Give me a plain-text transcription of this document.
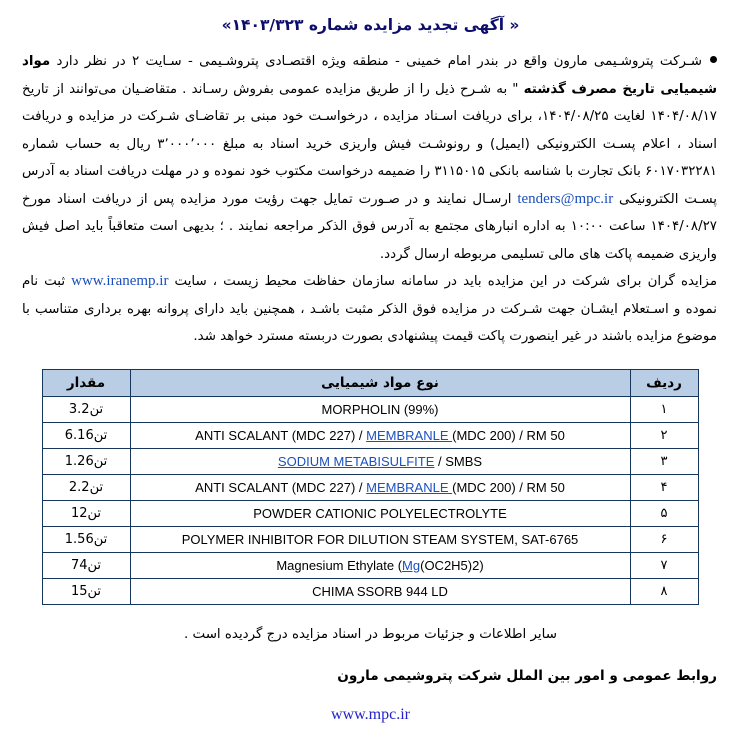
« آگهی تجدید مزایده شماره ۱۴۰۳/۳۲۳»

شـركت پتروشـیمی مارون واقع در بندر امام خمینی - منطقه ویژه اقتصـادی پتروشـیمی - سـایت ۲ در نظر دارد مواد شیمیایی تاریخ مصرف گذشته " به شـرح ذیل را از طریق مزایده عمومی بفروش رسـاند . متقاضـیان می‌توانند از تاریخ ۱۴۰۴/۰۸/۱۷ لغایت ۱۴۰۴/۰۸/۲۵، برای دریافت اسـناد مزایده ، درخواسـت خود مبنی بر تقاضـای شـركت در مزایده و دریافت اسناد ، اعلام پسـت الكترونیكی (ایمیل) و رونوشـت فیش واریزی خرید اسناد به مبلغ ۳٬۰۰۰٬۰۰۰ ریال به حساب شماره ۶۰۱۷۰۳۲۲۸۱ بانک تجارت با شناسه بانکی ۳۱۱۵۰۱۵ را ضمیمه درخواست مكتوب خود نموده و در مهلت دریافت اسناد به آدرس پسـت الكترونیكی tenders@mpc.ir ارسـال نمایند و در صـورت تمایل جهت رؤیت مورد مزایده پس از دریافت اسناد مورخ ۱۴۰۴/۰۸/۲۷ ساعت ۱۰:۰۰ به اداره انبارهای مجتمع به آدرس فوق الذكر مراجعه نمایند . ؛ بدیهی است متعاقباً باید اصل فیش واریزی ضمیمه پاكت های مالی تسلیمی مربوطه ارسال گردد.

مزایده گران برای شركت در این مزایده باید در سامانه سازمان حفاظت محیط زیست ، سایت www.iranemp.ir ثبت نام نموده و اسـتعلام ایشـان جهت شـركت در مزایده فوق الذكر مثبت باشـد ، همچنین باید دارای پروانه بهره برداری متناسب با موضوع مزایده باشند در غیر اینصورت پاكت قیمت پیشنهادی بصورت دربسته مسترد خواهد شد.

ردیف	نوع مواد شیمیایی	مقدار
۱	MORPHOLIN (99%)	تن3.2
۲	ANTI SCALANT (MDC 227) / MEMBRANLE (MDC 200) / RM 50	تن6.16
۳	SODIUM METABISULFITE / SMBS	تن1.26
۴	ANTI SCALANT (MDC 227) / MEMBRANLE (MDC 200) / RM 50	تن2.2
۵	POWDER CATIONIC POLYELECTROLYTE	تن12
۶	POLYMER INHIBITOR FOR DILUTION STEAM SYSTEM, SAT-6765	تن1.56
۷	Magnesium Ethylate (Mg(OC2H5)2)	تن74
۸	CHIMA SSORB 944 LD	تن15
سایر اطلاعات و جزئیات مربوط در اسناد مزایده درج گردیده است .
روابط عمومی و امور بین الملل شرکت پتروشیمی مارون
www.mpc.ir
